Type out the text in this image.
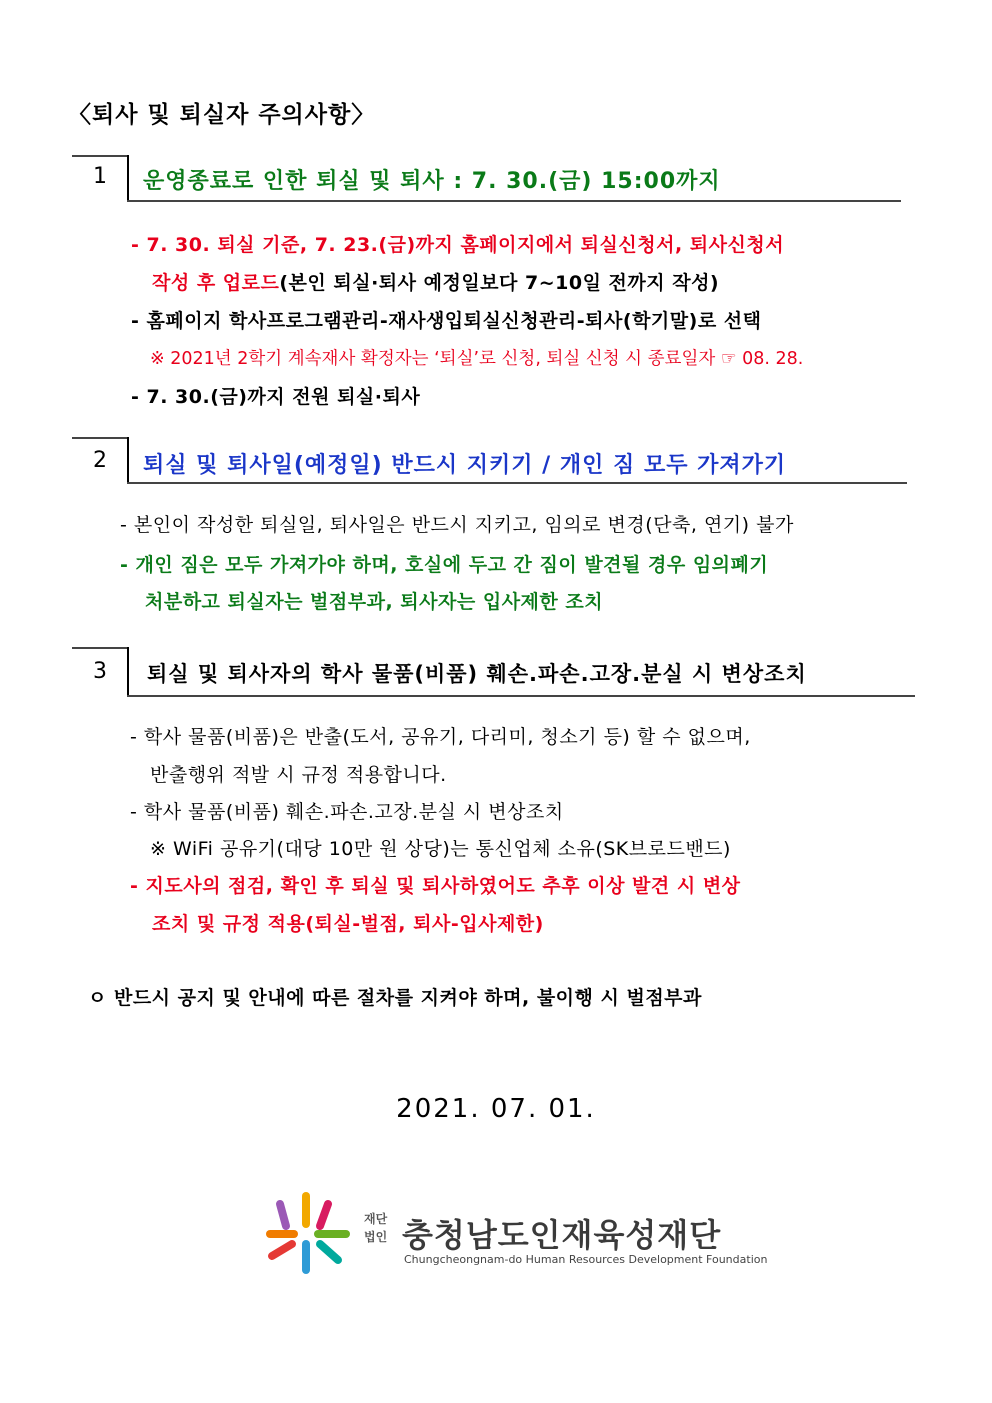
〈퇴사 및 퇴실자 주의사항〉
1	운영종료로 인한 퇴실 및 퇴사 : 7. 30.(금) 15:00까지
- 7. 30. 퇴실 기준, 7. 23.(금)까지 홈페이지에서 퇴실신청서, 퇴사신청서
작성 후 업로드(본인 퇴실·퇴사 예정일보다 7~10일 전까지 작성)
- 홈페이지 학사프로그램관리-재사생입퇴실신청관리-퇴사(학기말)로 선택
※ 2021년 2학기 계속재사 확정자는 ‘퇴실’로 신청, 퇴실 신청 시 종료일자 ☞ 08. 28.
- 7. 30.(금)까지 전원 퇴실·퇴사
2	퇴실 및 퇴사일(예정일) 반드시 지키기 / 개인 짐 모두 가져가기
- 본인이 작성한 퇴실일, 퇴사일은 반드시 지키고, 임의로 변경(단축, 연기) 불가
- 개인 짐은 모두 가져가야 하며, 호실에 두고 간 짐이 발견될 경우 임의폐기
처분하고 퇴실자는 벌점부과, 퇴사자는 입사제한 조치
3	퇴실 및 퇴사자의 학사 물품(비품) 훼손.파손.고장.분실 시 변상조치
- 학사 물품(비품)은 반출(도서, 공유기, 다리미, 청소기 등) 할 수 없으며,
반출행위 적발 시 규정 적용합니다.
- 학사 물품(비품) 훼손.파손.고장.분실 시 변상조치
※ WiFi 공유기(대당 10만 원 상당)는 통신업체 소유(SK브로드밴드)
- 지도사의 점검, 확인 후 퇴실 및 퇴사하였어도 추후 이상 발견 시 변상
조치 및 규정 적용(퇴실-벌점, 퇴사-입사제한)
ㅇ 반드시 공지 및 안내에 따른 절차를 지켜야 하며, 불이행 시 벌점부과
2021. 07. 01.
재단
법인 충청남도인재육성재단
Chungcheongnam-do Human Resources Development Foundation
